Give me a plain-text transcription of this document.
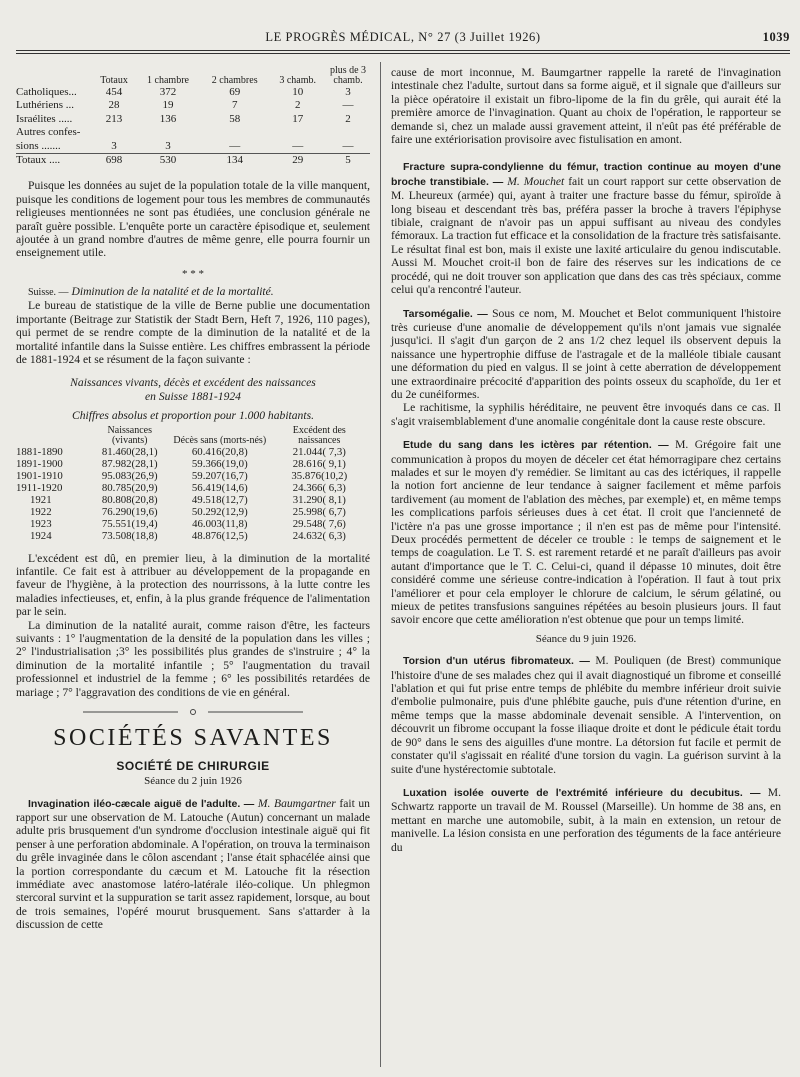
LE PROGRÈS MÉDICAL, N° 27 (3 Juillet 1926)	1039
	Totaux	1 chambre	2 chambres	3 chamb.	plus de 3 chamb.
Catholiques...	454	372	69	10	3
Luthériens ...	28	19	7	2	—
Israélites .....	213	136	58	17	2
Autres confes-					
sions .......	3	3	—	—	—
Totaux ....	698	530	134	29	5

Puisque les données au sujet de la population totale de la ville manquent, puisque les conditions de logement pour tous les membres de communautés religieuses mentionnées ne sont pas étudiées, une conclusion générale ne paraît guère possible. L'enquête porte un caractère épisodique et, seulement ajoutée à un grand nombre d'autres de même genre, elle pourra fournir un enseignement utile.

* * *

Suisse. — Diminution de la natalité et de la mortalité.

Le bureau de statistique de la ville de Berne publie une documentation importante (Beitrage zur Statistik der Stadt Bern, Heft 7, 1926, 110 pages), qui permet de se rendre compte de la diminution de la natalité et de la mortalité infantile dans la Suisse entière. Les chiffres embrassent la période de 1881-1924 et se résument de la façon suivante :

Naissances vivants, décès et excédent des naissances
en Suisse 1881-1924
Chiffres absolus et proportion pour 1.000 habitants.
	Naissances (vivants)	Décès sans (morts-nés)	Excédent des naissances
1881-1890	81.460(28,1)	60.416(20,8)	21.044( 7,3)
1891-1900	87.982(28,1)	59.366(19,0)	28.616( 9,1)
1901-1910	95.083(26,9)	59.207(16,7)	35.876(10,2)
1911-1920	80.785(20,9)	56.419(14,6)	24.366( 6,3)
1921	80.808(20,8)	49.518(12,7)	31.290( 8,1)
1922	76.290(19,6)	50.292(12,9)	25.998( 6,7)
1923	75.551(19,4)	46.003(11,8)	29.548( 7,6)
1924	73.508(18,8)	48.876(12,5)	24.632( 6,3)

L'excédent est dû, en premier lieu, à la diminution de la mortalité infantile. Ce fait est à attribuer au développement de la propagande en faveur de l'hygiène, à la protection des nourrissons, à la lutte contre les maladies infectieuses, et, enfin, à la plus grande fréquence de l'alimentation par le sein.

La diminution de la natalité aurait, comme raison d'être, les facteurs suivants : 1° l'augmentation de la densité de la population dans les villes ; 2° l'industrialisation ;3° les possibilités plus grandes de s'instruire ; 4° la diminution de la mortalité infantile ; 5° l'augmentation du travail professionnel et industriel de la femme ; 6° les possibilités retardées de mariage ; 7° l'aggravation des conditions de vie en général.

SOCIÉTÉS SAVANTES
SOCIÉTÉ DE CHIRURGIE
Séance du 2 juin 1926

Invagination iléo-cæcale aiguë de l'adulte. — M. Baumgartner fait un rapport sur une observation de M. Latouche (Autun) concernant un malade adulte pris brusquement d'un syndrome d'occlusion intestinale aiguë qui fit penser à une perforation abdominale. A l'opération, on trouva la terminaison du grêle invaginée dans le côlon ascendant ; l'anse était sphacélée ainsi que la portion correspondante du cæcum et M. Latouche fit la résection immédiate avec anastomose latéro-latérale iléo-colique. Un phlegmon stercoral survint et la suppuration se tarit assez rapidement, lorsque, au bout de trois semaines, l'opéré mourut brusquement. Sans s'attarder à la discussion de cette

cause de mort inconnue, M. Baumgartner rappelle la rareté de l'invagination intestinale chez l'adulte, surtout dans sa forme aiguë, et il signale que d'ailleurs sur la pièce opératoire il existait un fibro-lipome de la fin du grêle, qui aurait été la première amorce de l'invagination. Quant au choix de l'opération, le rapporteur se demande si, chez un malade aussi gravement atteint, il n'eût pas été préférable de faire une extériorisation provisoire avec fistulisation en amont.

Fracture supra-condylienne du fémur, traction continue au moyen d'une broche transtibiale. — M. Mouchet fait un court rapport sur cette observation de M. Lheureux (armée) qui, ayant à traiter une fracture basse du fémur, spiroïde à long biseau et descendant très bas, préféra passer la broche à travers l'épiphyse tibiale, craignant de n'avoir pas un appui suffisant au niveau des condyles fémoraux. La traction fut efficace et la consolidation de la fracture très satisfaisante. Le résultat final est bon, mais il existe une laxité articulaire du genou indiscutable. Aussi M. Mouchet croit-il bon de faire des réserves sur les indications de ce procédé, qui ne doit trouver son application que dans des cas très spéciaux, comme celui qu'a rencontré l'auteur.

Tarsomégalie. — Sous ce nom, M. Mouchet et Belot communiquent l'histoire très curieuse d'une anomalie de développement qu'ils n'ont jamais vue signalée jusqu'ici. Il s'agit d'un garçon de 2 ans 1/2 chez lequel ils observent depuis la naissance une hypertrophie diffuse de l'astragale et de la malléole tibiale causant une déformation du pied en valgus. Il se joint à cette aberration de développement une extraordinaire précocité d'apparition des points osseux du scaphoïde, du 1er et du 2e cunéiformes.

Le rachitisme, la syphilis héréditaire, ne peuvent être invoqués dans ce cas. Il s'agit vraisemblablement d'une anomalie congénitale dont la cause reste obscure.

Etude du sang dans les ictères par rétention. — M. Grégoire fait une communication à propos du moyen de déceler cet état hémorragipare chez certains malades et sur le moyen d'y remédier. Se limitant au cas des ictériques, il rappelle la notion fort ancienne de leur tendance à saigner facilement et même parfois tardivement (au moment de l'ablation des mèches, par exemple) et, en même temps les complications parfois sérieuses dues à cet état. Il croit que l'ancienneté de l'ictère n'a pas une grosse importance ; il n'en est pas de même pour l'intensité. Deux procédés permettent de déceler ce trouble : le temps de saignement et le temps de coagulation. Le T. S. est rarement retardé et ne paraît d'ailleurs pas avoir autant d'importance que le T. C. Celui-ci, quand il dépasse 10 minutes, doit être considéré comme une sérieuse contre-indication à l'opération. Il faut à tout prix l'améliorer et pour cela employer le chlorure de calcium, le sérum gélatiné, ou mieux de petites transfusions sanguines répétées au besoin plusieurs jours. Il faut savoir encore que cette amélioration n'est obtenue que pour un temps limité.

Séance du 9 juin 1926.

Torsion d'un utérus fibromateux. — M. Pouliquen (de Brest) communique l'histoire d'une de ses malades chez qui il avait diagnostiqué un fibrome et conseillé l'ablation et qui fut prise entre temps de phlébite du membre inférieur droit suivie d'embolie pulmonaire, puis d'une phlébite gauche, puis d'une rétention d'urine, en même temps que la masse abdominale devenait sensible. A l'intervention, on découvrit un fibrome occupant la fosse iliaque droite et dont le pédicule était tordu de 90° dans le sens des aiguilles d'une montre. La détorsion fut facile et permit de constater qu'il s'agissait en réalité d'une torsion du vagin. La guérison survint à la suite d'une hystérectomie subtotale.

Luxation isolée ouverte de l'extrémité inférieure du decubitus. — M. Schwartz rapporte un travail de M. Roussel (Marseille). Un homme de 38 ans, en mettant en marche une automobile, subit, à la main en extension, un retour de manivelle. La lésion consista en une perforation des téguments de la face antérieure du
